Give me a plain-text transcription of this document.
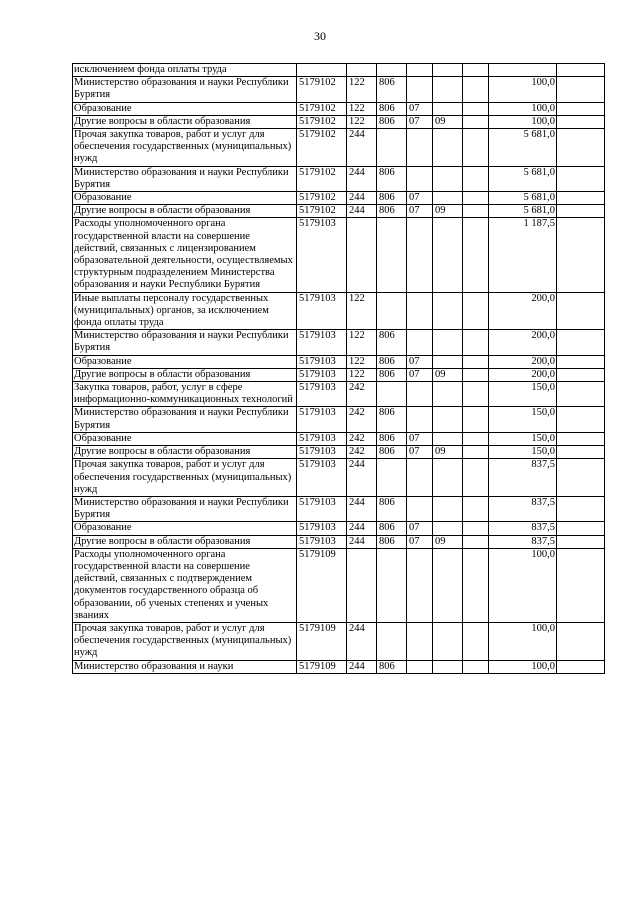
30
исключением фонда оплаты труда								
Министерство образования и науки Республики Бурятия	5179102	122	806				100,0	
Образование	5179102	122	806	07			100,0	
Другие вопросы в области образования	5179102	122	806	07	09		100,0	
Прочая закупка товаров, работ и услуг для обеспечения государственных (муниципальных) нужд	5179102	244					5 681,0	
Министерство образования и науки Республики Бурятия	5179102	244	806				5 681,0	
Образование	5179102	244	806	07			5 681,0	
Другие вопросы в области образования	5179102	244	806	07	09		5 681,0	
Расходы уполномоченного органа государственной власти на совершение действий, связанных с лицензированием образовательной деятельности, осуществляемых структурным подразделением Министерства образования и науки Республики Бурятия	5179103						1 187,5	
Иные выплаты персоналу государственных (муниципальных) органов, за исключением фонда оплаты труда	5179103	122					200,0	
Министерство образования и науки Республики Бурятия	5179103	122	806				200,0	
Образование	5179103	122	806	07			200,0	
Другие вопросы в области образования	5179103	122	806	07	09		200,0	
Закупка товаров, работ, услуг в сфере информационно-коммуникационных технологий	5179103	242					150,0	
Министерство образования и науки Республики Бурятия	5179103	242	806				150,0	
Образование	5179103	242	806	07			150,0	
Другие вопросы в области образования	5179103	242	806	07	09		150,0	
Прочая закупка товаров, работ и услуг для обеспечения государственных (муниципальных) нужд	5179103	244					837,5	
Министерство образования и науки Республики Бурятия	5179103	244	806				837,5	
Образование	5179103	244	806	07			837,5	
Другие вопросы в области образования	5179103	244	806	07	09		837,5	
Расходы уполномоченного органа государственной власти на совершение действий, связанных с подтверждением документов государственного образца об образовании, об ученых степенях и ученых званиях	5179109						100,0	
Прочая закупка товаров, работ и услуг для обеспечения государственных (муниципальных) нужд	5179109	244					100,0	
Министерство образования и науки	5179109	244	806				100,0	
